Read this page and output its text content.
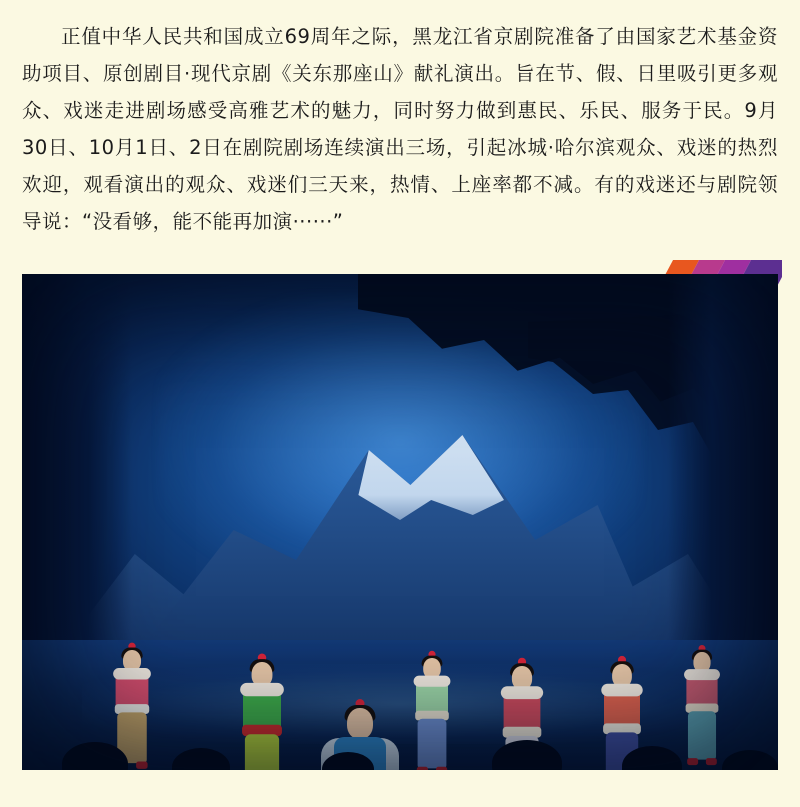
正值中华人民共和国成立69周年之际，黑龙江省京剧院准备了由国家艺术基金资助项目、原创剧目·现代京剧《关东那座山》献礼演出。旨在节、假、日里吸引更多观众、戏迷走进剧场感受高雅艺术的魅力，同时努力做到惠民、乐民、服务于民。9月30日、10月1日、2日在剧院剧场连续演出三场，引起冰城·哈尔滨观众、戏迷的热烈欢迎，观看演出的观众、戏迷们三天来，热情、上座率都不减。有的戏迷还与剧院领导说：“没看够，能不能再加演······”
